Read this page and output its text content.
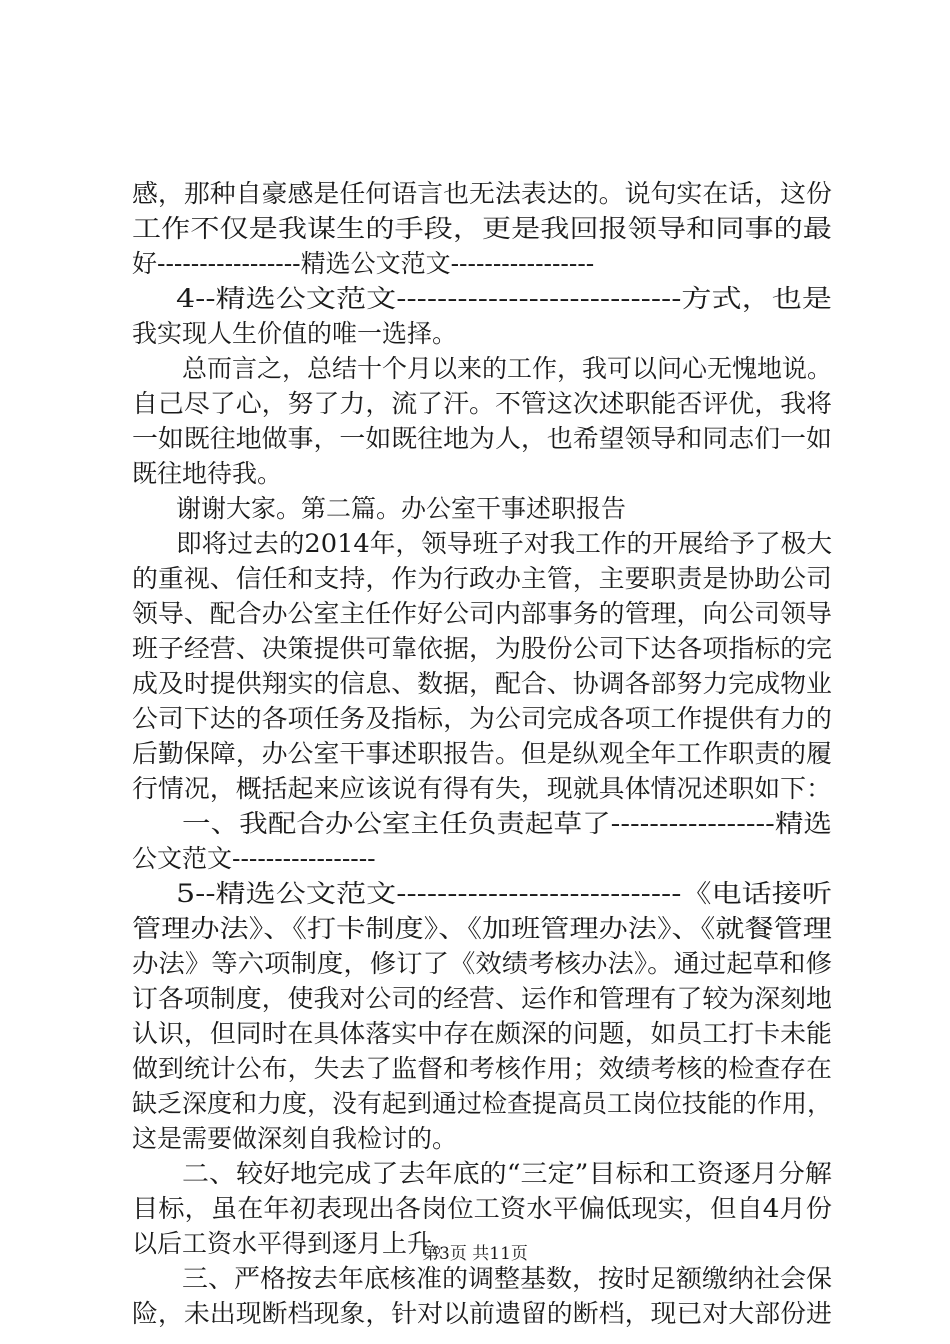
感，那种自豪感是任何语言也无法表达的。说句实在话，这份
工作不仅是我谋生的手段，更是我回报领导和同事的最
好-----------------精选公文范文-----------------
4--精选公文范文----------------------------方式，也是
我实现人生价值的唯一选择。
总而言之，总结十个月以来的工作，我可以问心无愧地说。
自己尽了心，努了力，流了汗。不管这次述职能否评优，我将
一如既往地做事，一如既往地为人，也希望领导和同志们一如
既往地待我。
谢谢大家。第二篇。办公室干事述职报告
即将过去的2014年，领导班子对我工作的开展给予了极大
的重视、信任和支持，作为行政办主管，主要职责是协助公司
领导、配合办公室主任作好公司内部事务的管理，向公司领导
班子经营、决策提供可靠依据，为股份公司下达各项指标的完
成及时提供翔实的信息、数据，配合、协调各部努力完成物业
公司下达的各项任务及指标，为公司完成各项工作提供有力的
后勤保障，办公室干事述职报告。但是纵观全年工作职责的履
行情况，概括起来应该说有得有失，现就具体情况述职如下：
一、我配合办公室主任负责起草了-----------------精选
公文范文-----------------
5--精选公文范文----------------------------《电话接听
管理办法》、《打卡制度》、《加班管理办法》、《就餐管理
办法》等六项制度，修订了《效绩考核办法》。通过起草和修
订各项制度，使我对公司的经营、运作和管理有了较为深刻地
认识，但同时在具体落实中存在颇深的问题，如员工打卡未能
做到统计公布，失去了监督和考核作用；效绩考核的检查存在
缺乏深度和力度，没有起到通过检查提高员工岗位技能的作用，
这是需要做深刻自我检讨的。
二、较好地完成了去年底的“三定”目标和工资逐月分解
目标，虽在年初表现出各岗位工资水平偏低现实，但自4月份
以后工资水平得到逐月上升。
三、严格按去年底核准的调整基数，按时足额缴纳社会保
险，未出现断档现象，针对以前遗留的断档，现已对大部份进
第3页 共11页
